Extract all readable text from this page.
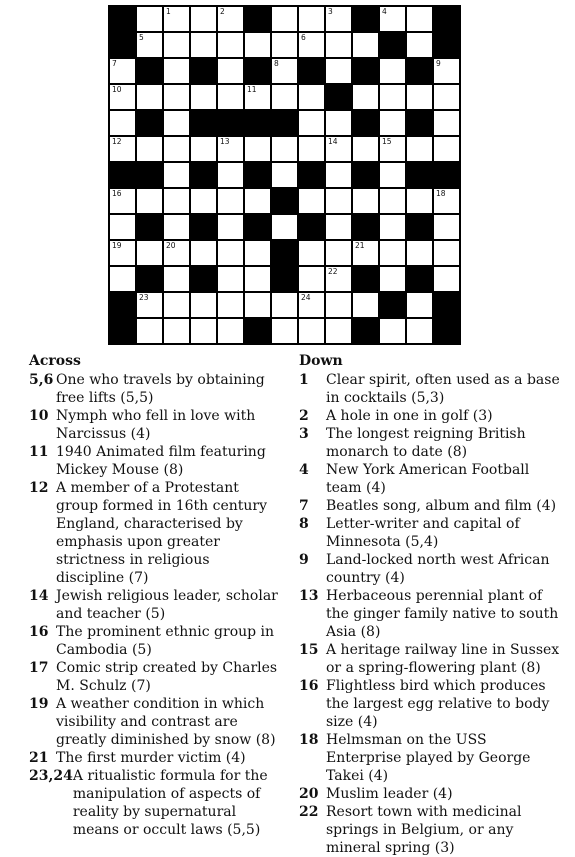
1	2	3	4
5	6
7	8	9
10	11
12	13	14	15
16	18
19	20	21
22
23	24
Across
5,6 One who travels by obtaining free lifts (5,5)
10 Nymph who fell in love with Narcissus (4)
11 1940 Animated film featuring Mickey Mouse (8)
12 A member of a Protestant group formed in 16th century England, characterised by emphasis upon greater strictness in religious discipline (7)
14 Jewish religious leader, scholar and teacher (5)
16 The prominent ethnic group in Cambodia (5)
17 Comic strip created by Charles M. Schulz (7)
19 A weather condition in which visibility and contrast are greatly diminished by snow (8)
21 The first murder victim (4)
23,24 A ritualistic formula for the manipulation of aspects of reality by supernatural means or occult laws (5,5)
Down
1	Clear spirit, often used as a base in cocktails (5,3)
2	A hole in one in golf (3)
3	The longest reigning British monarch to date (8)
4	New York American Football team (4)
7	Beatles song, album and film (4)
8	Letter-writer and capital of Minnesota (5,4)
9	Land-locked north west African country (4)
13 Herbaceous perennial plant of the ginger family native to south Asia (8)
15 A heritage railway line in Sussex or a spring-flowering plant (8)
16 Flightless bird which produces the largest egg relative to body size (4)
18 Helmsman on the USS Enterprise played by George Takei (4)
20 Muslim leader (4)
22 Resort town with medicinal springs in Belgium, or any mineral spring (3)
